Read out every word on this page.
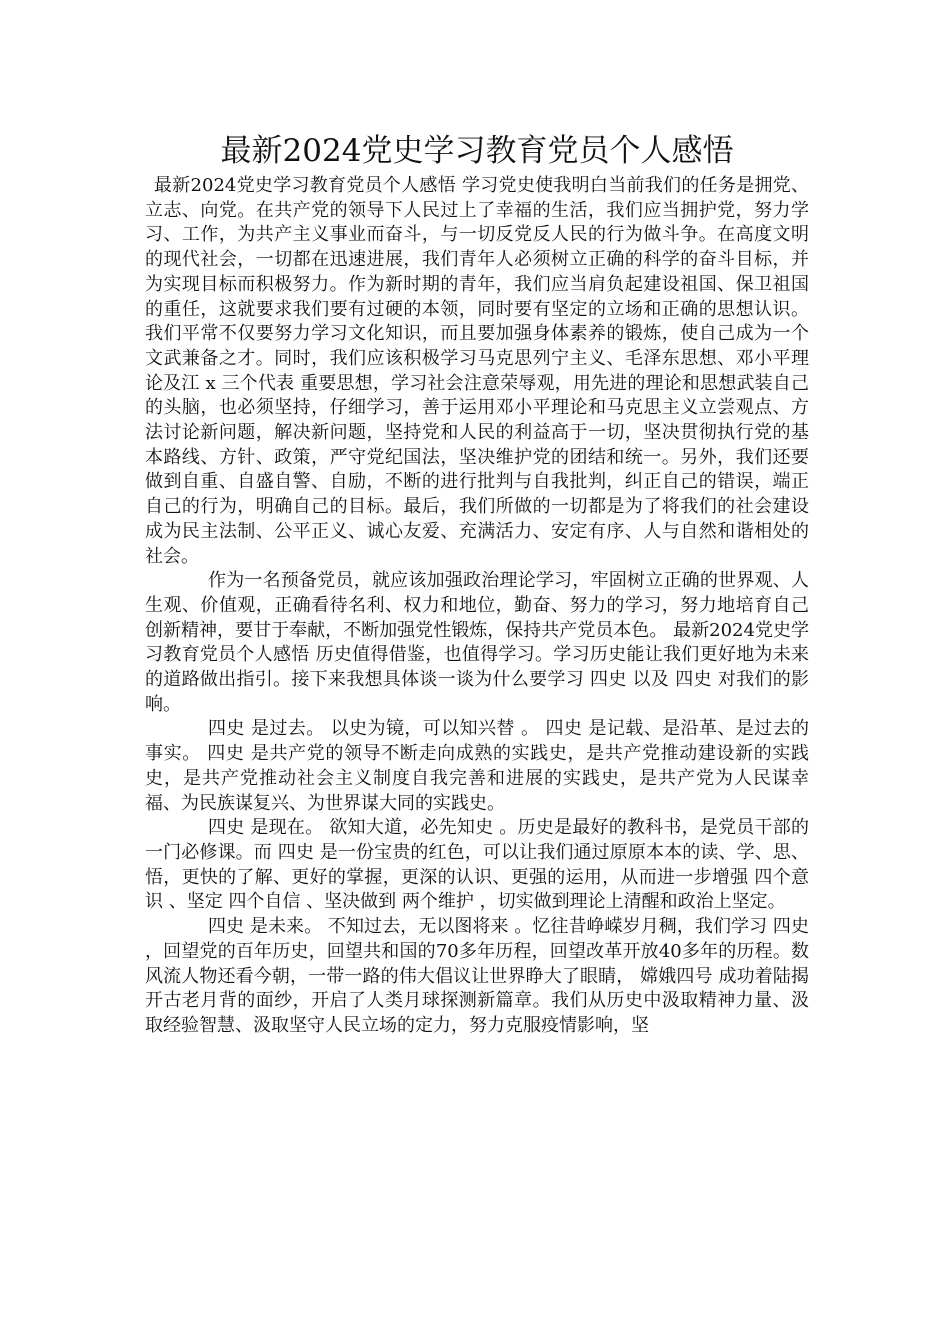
最新2024党史学习教育党员个人感悟

最新2024党史学习教育党员个人感悟 学习党史使我明白当前我们的任务是拥党、立志、向党。在共产党的领导下人民过上了幸福的生活，我们应当拥护党，努力学习、工作，为共产主义事业而奋斗，与一切反党反人民的行为做斗争。在高度文明的现代社会，一切都在迅速进展，我们青年人必须树立正确的科学的奋斗目标，并为实现目标而积极努力。作为新时期的青年，我们应当肩负起建设祖国、保卫祖国的重任，这就要求我们要有过硬的本领，同时要有坚定的立场和正确的思想认识。我们平常不仅要努力学习文化知识，而且要加强身体素养的锻炼，使自己成为一个文武兼备之才。同时，我们应该积极学习马克思列宁主义、毛泽东思想、邓小平理论及江 x 三个代表 重要思想，学习社会注意荣辱观，用先进的理论和思想武装自己的头脑，也必须坚持，仔细学习，善于运用邓小平理论和马克思主义立尝观点、方法讨论新问题，解决新问题，坚持党和人民的利益高于一切，坚决贯彻执行党的基本路线、方针、政策，严守党纪国法，坚决维护党的团结和统一。另外，我们还要做到自重、自盛自警、自励，不断的进行批判与自我批判，纠正自己的错误，端正自己的行为，明确自己的目标。最后，我们所做的一切都是为了将我们的社会建设成为民主法制、公平正义、诚心友爱、充满活力、安定有序、人与自然和谐相处的社会。

作为一名预备党员，就应该加强政治理论学习，牢固树立正确的世界观、人生观、价值观，正确看待名利、权力和地位，勤奋、努力的学习，努力地培育自己创新精神，要甘于奉献，不断加强党性锻炼，保持共产党员本色。 最新2024党史学习教育党员个人感悟 历史值得借鉴，也值得学习。学习历史能让我们更好地为未来的道路做出指引。接下来我想具体谈一谈为什么要学习 四史 以及 四史 对我们的影响。

四史 是过去。 以史为镜，可以知兴替 。 四史 是记载、是沿革、是过去的事实。 四史 是共产党的领导不断走向成熟的实践史，是共产党推动建设新的实践史，是共产党推动社会主义制度自我完善和进展的实践史，是共产党为人民谋幸福、为民族谋复兴、为世界谋大同的实践史。

四史 是现在。 欲知大道，必先知史 。历史是最好的教科书，是党员干部的一门必修课。而 四史 是一份宝贵的红色，可以让我们通过原原本本的读、学、思、悟，更快的了解、更好的掌握，更深的认识、更强的运用，从而进一步增强 四个意识 、坚定 四个自信 、坚决做到 两个维护 ，切实做到理论上清醒和政治上坚定。

四史 是未来。 不知过去，无以图将来 。忆往昔峥嵘岁月稠，我们学习 四史 ，回望党的百年历史，回望共和国的70多年历程，回望改革开放40多年的历程。数风流人物还看今朝，一带一路的伟大倡议让世界睁大了眼睛， 嫦娥四号 成功着陆揭开古老月背的面纱，开启了人类月球探测新篇章。我们从历史中汲取精神力量、汲取经验智慧、汲取坚守人民立场的定力，努力克服疫情影响，坚
